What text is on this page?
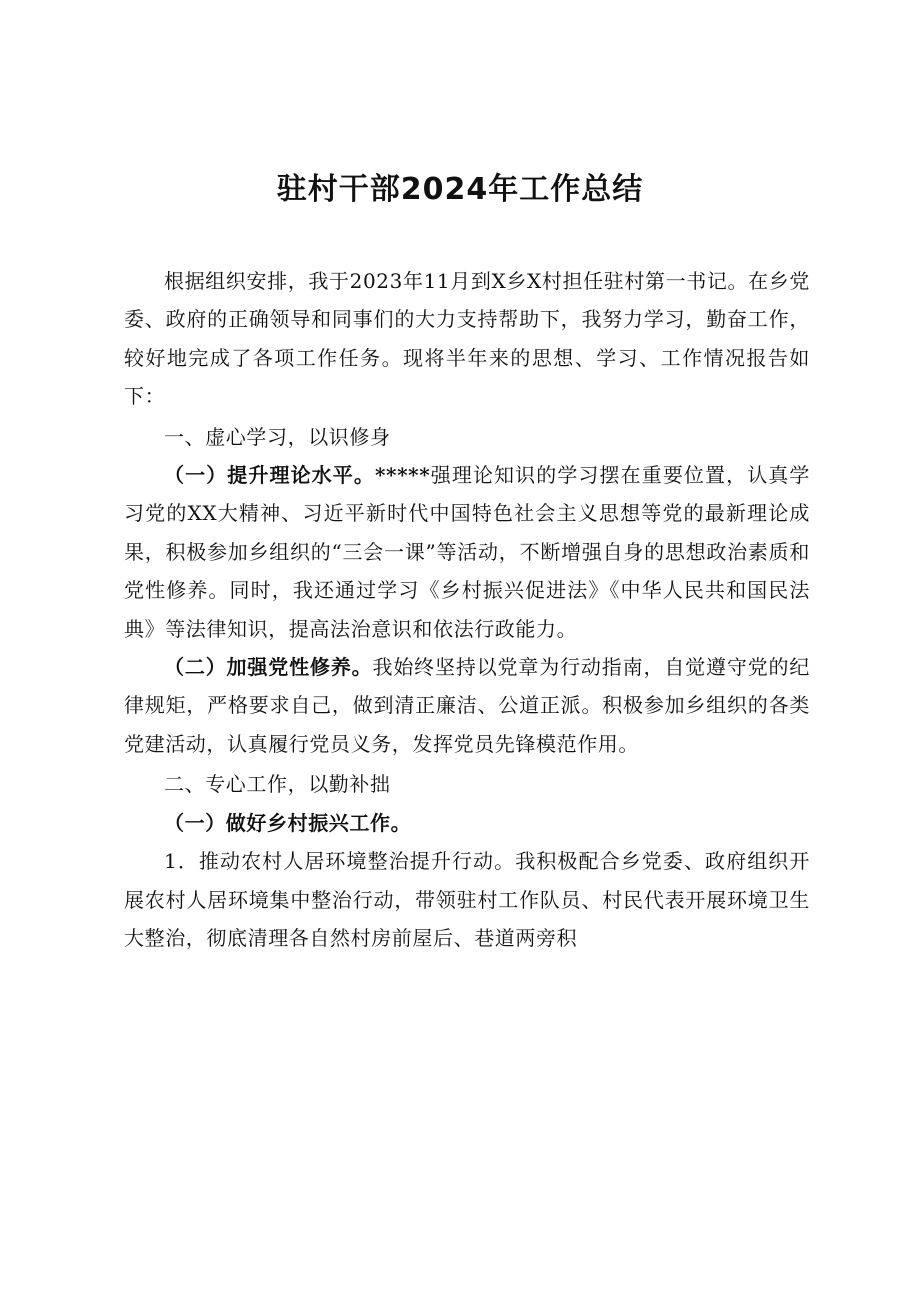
驻村干部2024年工作总结

根据组织安排，我于2023年11月到X乡X村担任驻村第一书记。在乡党委、政府的正确领导和同事们的大力支持帮助下，我努力学习，勤奋工作，较好地完成了各项工作任务。现将半年来的思想、学习、工作情况报告如下：

一、虚心学习，以识修身

（一）提升理论水平。*****强理论知识的学习摆在重要位置，认真学习党的XX大精神、习近平新时代中国特色社会主义思想等党的最新理论成果，积极参加乡组织的“三会一课”等活动，不断增强自身的思想政治素质和党性修养。同时，我还通过学习《乡村振兴促进法》《中华人民共和国民法典》等法律知识，提高法治意识和依法行政能力。

（二）加强党性修养。我始终坚持以党章为行动指南，自觉遵守党的纪律规矩，严格要求自己，做到清正廉洁、公道正派。积极参加乡组织的各类党建活动，认真履行党员义务，发挥党员先锋模范作用。

二、专心工作，以勤补拙

（一）做好乡村振兴工作。

1．推动农村人居环境整治提升行动。我积极配合乡党委、政府组织开展农村人居环境集中整治行动，带领驻村工作队员、村民代表开展环境卫生大整治，彻底清理各自然村房前屋后、巷道两旁积
